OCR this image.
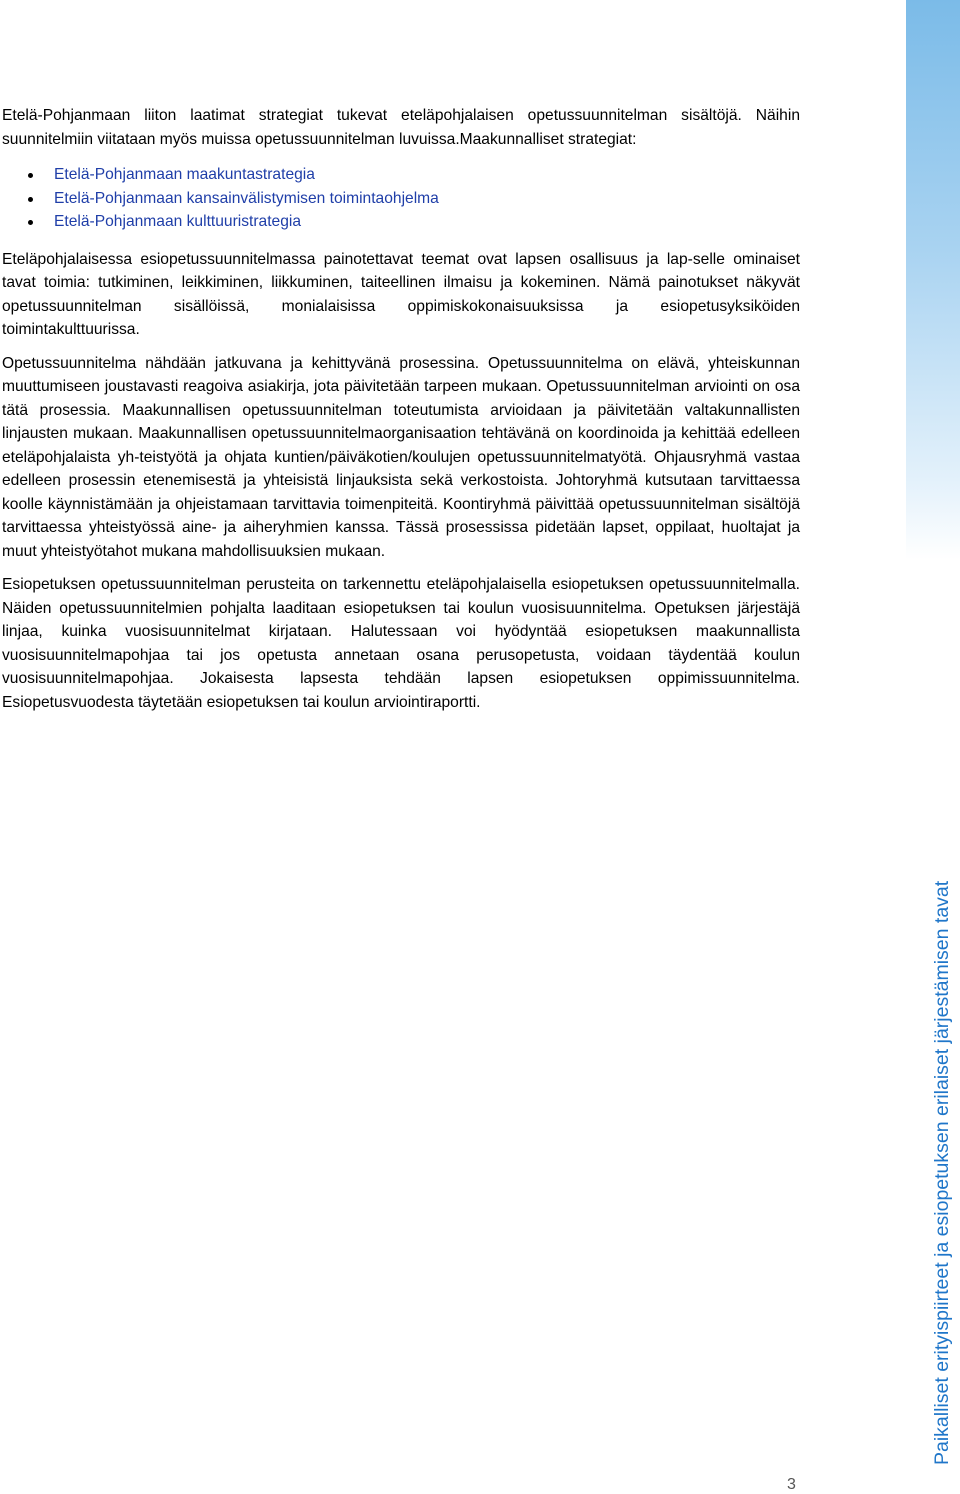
Paikalliset erityispiirteet ja esiopetuksen erilaiset järjestämisen tavat

Etelä-Pohjanmaan liiton laatimat strategiat tukevat eteläpohjalaisen opetussuunnitelman sisältöjä. Näihin suunnitelmiin viitataan myös muissa opetussuunnitelman luvuissa.Maakunnalliset strategiat:

Etelä-Pohjanmaan maakuntastrategia
Etelä-Pohjanmaan kansainvälistymisen toimintaohjelma
Etelä-Pohjanmaan kulttuuristrategia

Eteläpohjalaisessa esiopetussuunnitelmassa painotettavat teemat ovat lapsen osallisuus ja lap-selle ominaiset tavat toimia: tutkiminen, leikkiminen, liikkuminen, taiteellinen ilmaisu ja kokeminen. Nämä painotukset näkyvät opetussuunnitelman sisällöissä, monialaisissa oppimiskokonaisuuksissa ja esiopetusyksiköiden toimintakulttuurissa.

Opetussuunnitelma nähdään jatkuvana ja kehittyvänä prosessina. Opetussuunnitelma on elävä, yhteiskunnan muuttumiseen joustavasti reagoiva asiakirja, jota päivitetään tarpeen mukaan. Opetussuunnitelman arviointi on osa tätä prosessia. Maakunnallisen opetussuunnitelman toteutumista arvioidaan ja päivitetään valtakunnallisten linjausten mukaan. Maakunnallisen opetussuunnitelmaorganisaation tehtävänä on koordinoida ja kehittää edelleen eteläpohjalaista yh-teistyötä ja ohjata kuntien/päiväkotien/koulujen opetussuunnitelmatyötä. Ohjausryhmä vastaa edelleen prosessin etenemisestä ja yhteisistä linjauksista sekä verkostoista. Johtoryhmä kutsutaan tarvittaessa koolle käynnistämään ja ohjeistamaan tarvittavia toimenpiteitä. Koontiryhmä päivittää opetussuunnitelman sisältöjä tarvittaessa yhteistyössä aine- ja aiheryhmien kanssa. Tässä prosessissa pidetään lapset, oppilaat, huoltajat ja muut yhteistyötahot mukana mahdollisuuksien mukaan.

Esiopetuksen opetussuunnitelman perusteita on tarkennettu eteläpohjalaisella esiopetuksen opetussuunnitelmalla. Näiden opetussuunnitelmien pohjalta laaditaan esiopetuksen tai koulun vuosisuunnitelma. Opetuksen järjestäjä linjaa, kuinka vuosisuunnitelmat kirjataan. Halutessaan voi hyödyntää esiopetuksen maakunnallista vuosisuunnitelmapohjaa tai jos opetusta annetaan osana perusopetusta, voidaan täydentää koulun vuosisuunnitelmapohjaa. Jokaisesta lapsesta tehdään lapsen esiopetuksen oppimissuunnitelma. Esiopetusvuodesta täytetään esiopetuksen tai koulun arviointiraportti.

3
